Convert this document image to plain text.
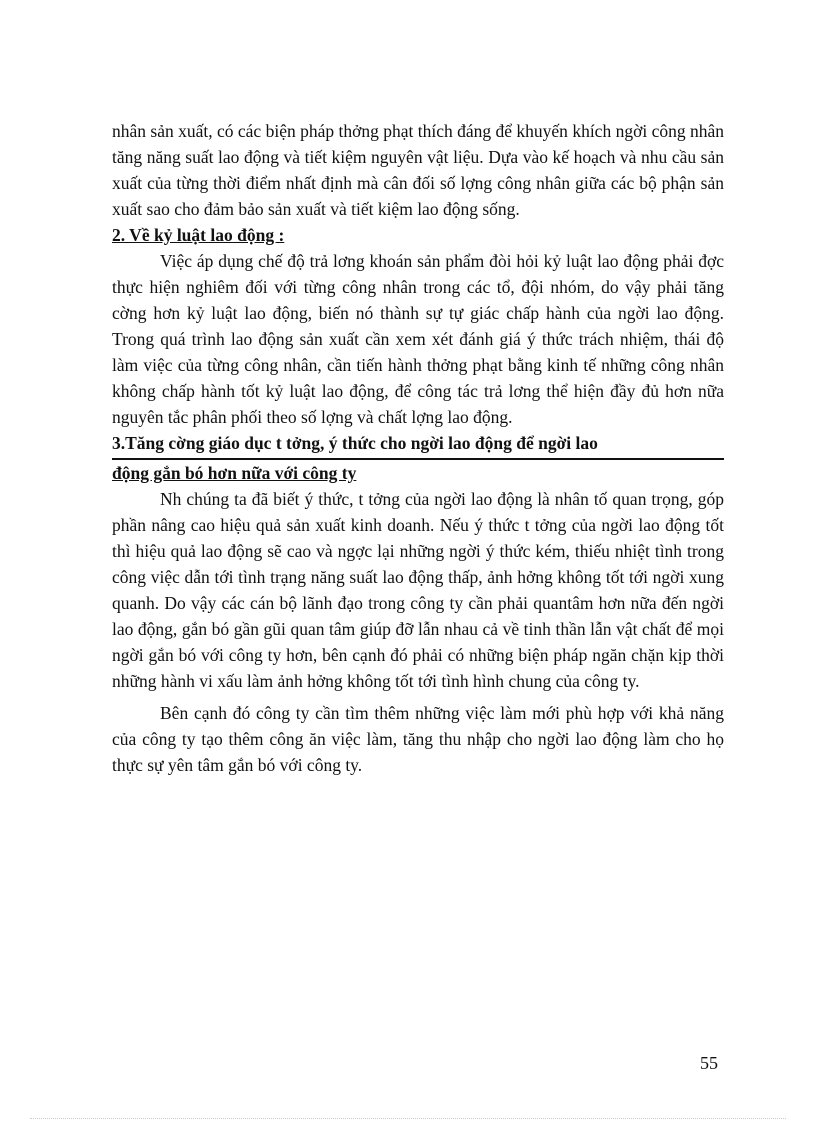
nhân sản xuất, có các biện pháp thởng phạt thích đáng để khuyến khích ngời công nhân tăng năng suất lao động và tiết kiệm nguyên vật liệu. Dựa vào kế hoạch và nhu cầu sản xuất của từng thời điểm nhất định mà cân đối số lợng công nhân giữa các bộ phận sản xuất sao cho đảm bảo sản xuất và tiết kiệm lao động sống.

2. Về kỷ luật lao động :

Việc áp dụng chế độ trả lơng khoán sản phẩm đòi hỏi kỷ luật lao động phải đợc thực hiện nghiêm đối với từng công nhân trong các tổ, đội nhóm, do vậy phải tăng cờng hơn kỷ luật lao động, biến nó thành sự tự giác chấp hành của ngời lao động. Trong quá trình lao động sản xuất cần xem xét đánh giá ý thức trách nhiệm, thái độ làm việc của từng công nhân, cần tiến hành thởng phạt bằng kinh tế những công nhân không chấp hành tốt kỷ luật lao động, để công tác trả lơng thể hiện đầy đủ hơn nữa nguyên tắc phân phối theo số lợng và chất lợng lao động.

3.Tăng cờng giáo dục t tởng, ý thức cho ngời lao động để ngời lao

động gắn bó hơn nữa với công ty

Nh chúng ta đã biết ý thức, t tởng của ngời lao động là nhân tố quan trọng, góp phần nâng cao hiệu quả sản xuất kinh doanh. Nếu ý thức t tởng của ngời lao động tốt thì hiệu quả lao động sẽ cao và ngợc lại những ngời ý thức kém, thiếu nhiệt tình trong công việc dẫn tới tình trạng năng suất lao động thấp, ảnh hởng không tốt tới ngời xung quanh. Do vậy các cán bộ lãnh đạo trong công ty cần phải quantâm hơn nữa đến ngời lao động, gắn bó gần gũi quan tâm giúp đỡ lẫn nhau cả về tinh thần lẫn vật chất để mọi ngời gắn bó với công ty hơn, bên cạnh đó phải có những biện pháp ngăn chặn kịp thời những hành vi xấu làm ảnh hởng không tốt tới tình hình chung của công ty.

Bên cạnh đó công ty cần tìm thêm những việc làm mới phù hợp với khả năng của công ty tạo thêm công ăn việc làm, tăng thu nhập cho ngời lao động làm cho họ thực sự yên tâm gắn bó với công ty.

55
